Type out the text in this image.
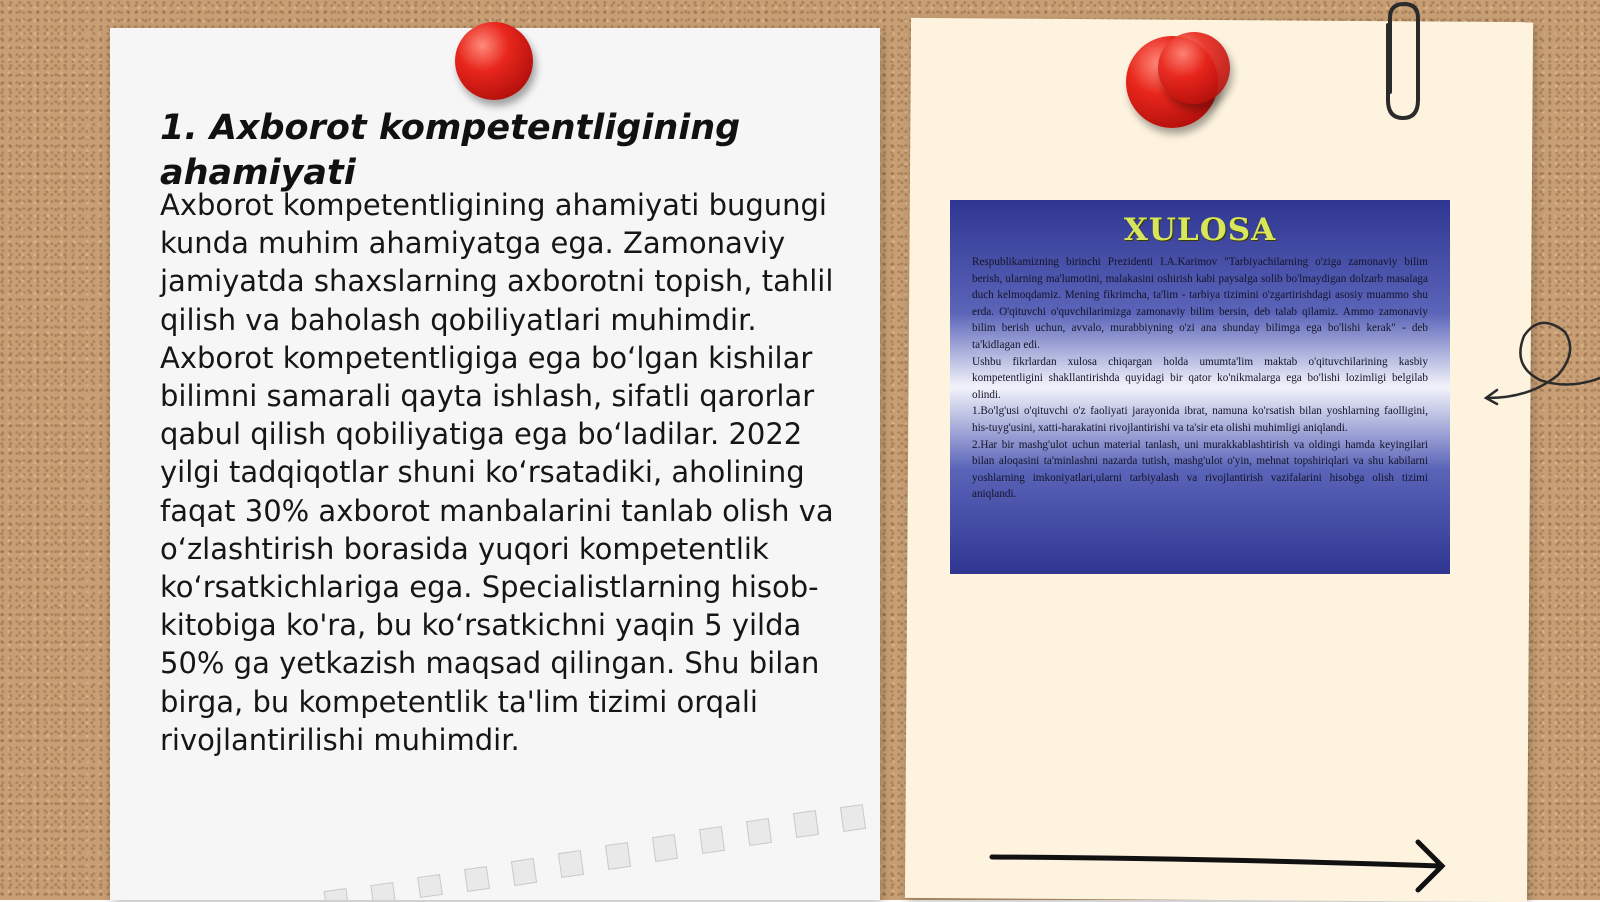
1. Axborot kompetentligining ahamiyati

Axborot kompetentligining ahamiyati bugungi kunda muhim ahamiyatga ega. Zamonaviy jamiyatda shaxslarning axborotni topish, tahlil qilish va baholash qobiliyatlari muhimdir. Axborot kompetentligiga ega boʻlgan kishilar bilimni samarali qayta ishlash, sifatli qarorlar qabul qilish qobiliyatiga ega boʻladilar. 2022 yilgi tadqiqotlar shuni koʻrsatadiki, aholining faqat 30% axborot manbalarini tanlab olish va oʻzlashtirish borasida yuqori kompetentlik koʻrsatkichlariga ega. Specialistlarning hisob-kitobiga ko'ra, bu koʻrsatkichni yaqin 5 yilda 50% ga yetkazish maqsad qilingan. Shu bilan birga, bu kompetentlik ta'lim tizimi orqali rivojlantirilishi muhimdir.

XULOSA

Respublikamizning birinchi Prezidenti I.A.Karimov "Tarbiyachilarning o'ziga zamonaviy bilim berish, ularning ma'lumotini, malakasini oshirish kabi paysalga solib bo'lmaydigan dolzarb masalaga duch kelmoqdamiz. Mening fikrimcha, ta'lim - tarbiya tizimini o'zgartirishdagi asosiy muammo shu erda. O'qituvchi o'quvchilarimizga zamonaviy bilim bersin, deb talab qilamiz. Ammo zamonaviy bilim berish uchun, avvalo, murabbiyning o'zi ana shunday bilimga ega bo'lishi kerak" - deb ta'kidlagan edi.

Ushbu fikrlardan xulosa chiqargan holda umumta'lim maktab o'qituvchilarining kasbiy kompetentligini shakllantirishda quyidagi bir qator ko'nikmalarga ega bo'lishi lozimligi belgilab olindi.

1.Bo'lg'usi o'qituvchi o'z faoliyati jarayonida ibrat, namuna ko'rsatish bilan yoshlarning faolligini, his-tuyg'usini, xatti-harakatini rivojlantirishi va ta'sir eta olishi muhimligi aniqlandi.

2.Har bir mashg'ulot uchun material tanlash, uni murakkablashtirish va oldingi hamda keyingilari bilan aloqasini ta'minlashni nazarda tutish, mashg'ulot o'yin, mehnat topshiriqlari va shu kabilarni yoshlarning imkoniyatlari,ularni tarbiyalash va rivojlantirish vazifalarini hisobga olish tizimi aniqlandi.
